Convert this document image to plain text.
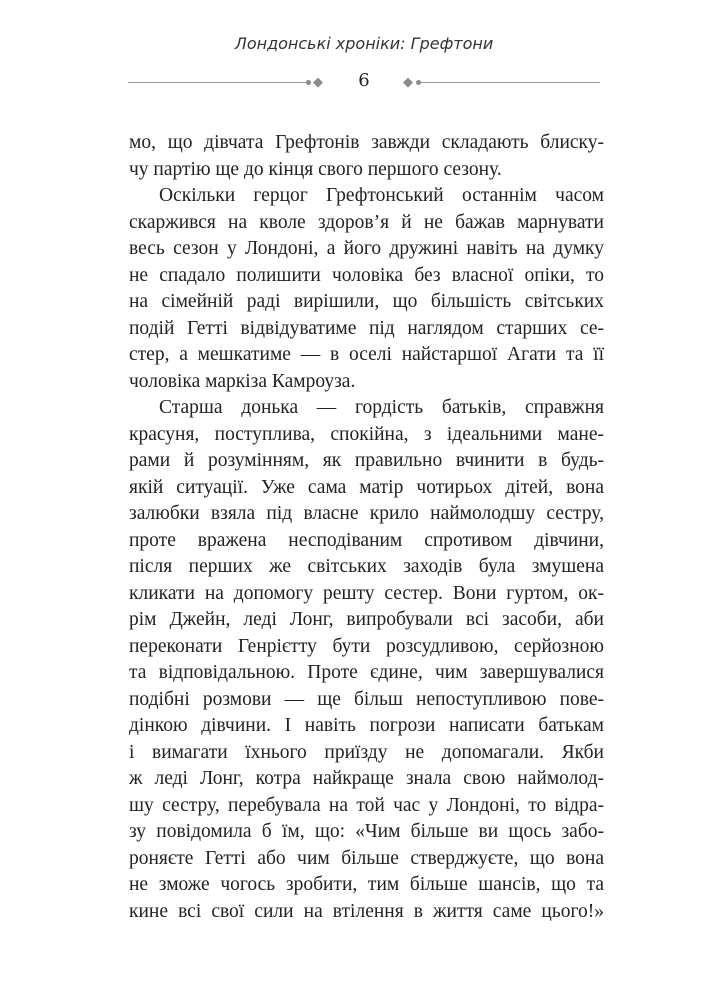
Лондонські хроніки: Грефтони
◆	6	◆
мо, що дівчата Грефтонів завжди складають блиску-
чу партію ще до кінця свого першого сезону.
Оскільки герцог Грефтонський останнім часом
скаржився на кволе здоров’я й не бажав марнувати
весь сезон у Лондоні, а його дружині навіть на думку
не спадало полишити чоловіка без власної опіки, то
на сімейній раді вирішили, що більшість світських
подій Гетті відвідуватиме під наглядом старших се-
стер, а мешкатиме — в оселі найстаршої Агати та її
чоловіка маркіза Камроуза.
Старша донька — гордість батьків, справжня
красуня, поступлива, спокійна, з ідеальними мане-
рами й розумінням, як правильно вчинити в будь-
якій ситуації. Уже сама матір чотирьох дітей, вона
залюбки взяла під власне крило наймолодшу сестру,
проте вражена несподіваним спротивом дівчини,
після перших же світських заходів була змушена
кликати на допомогу решту сестер. Вони гуртом, ок-
рім Джейн, леді Лонг, випробували всі засоби, аби
переконати Генрієтту бути розсудливою, серйозною
та відповідальною. Проте єдине, чим завершувалися
подібні розмови — ще більш непоступливою пове-
дінкою дівчини. І навіть погрози написати батькам
і вимагати їхнього приїзду не допомагали. Якби
ж леді Лонг, котра найкраще знала свою наймолод-
шу сестру, перебувала на той час у Лондоні, то відра-
зу повідомила б їм, що: «Чим більше ви щось забо-
роняєте Гетті або чим більше стверджуєте, що вона
не зможе чогось зробити, тим більше шансів, що та
кине всі свої сили на втілення в життя саме цього!»
